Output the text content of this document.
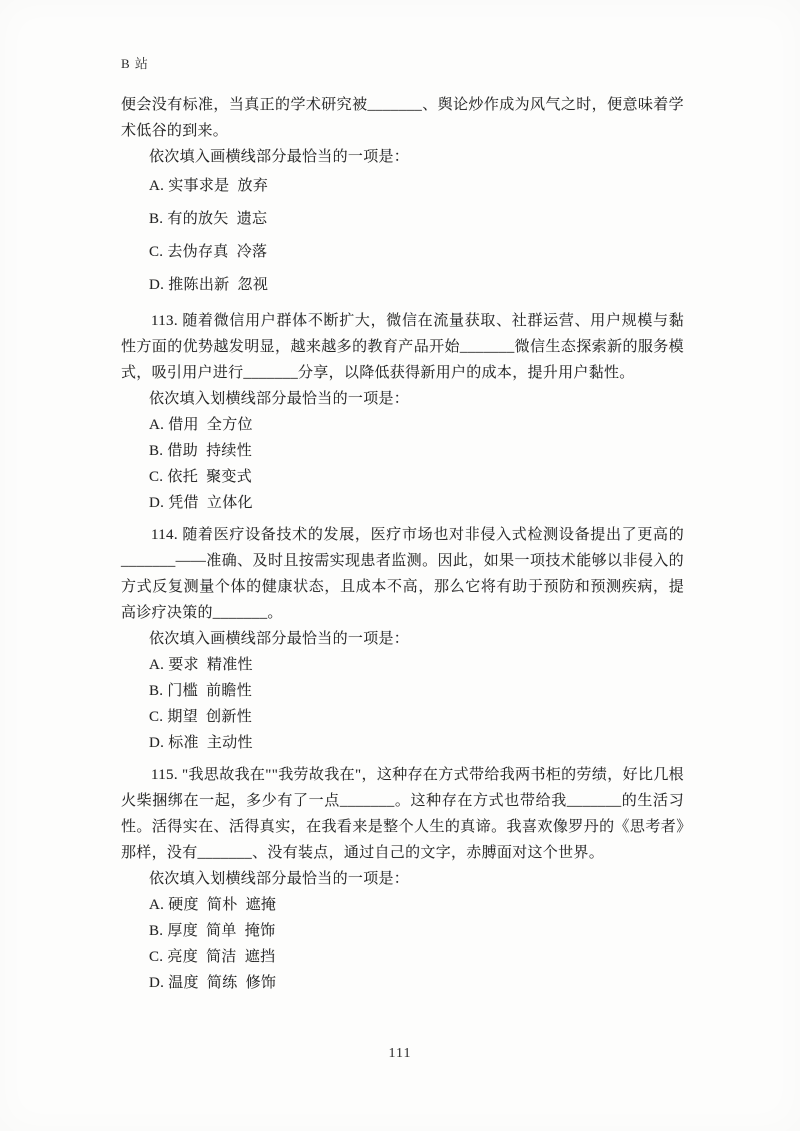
B 站

便会没有标准，当真正的学术研究被_______、舆论炒作成为风气之时，便意味着学术低谷的到来。

依次填入画横线部分最恰当的一项是：

A. 实事求是  放弃

B. 有的放矢  遗忘

C. 去伪存真  冷落

D. 推陈出新  忽视

113. 随着微信用户群体不断扩大，微信在流量获取、社群运营、用户规模与黏性方面的优势越发明显，越来越多的教育产品开始_______微信生态探索新的服务模式，吸引用户进行_______分享，以降低获得新用户的成本，提升用户黏性。

依次填入划横线部分最恰当的一项是：

A. 借用  全方位

B. 借助  持续性

C. 依托  聚变式

D. 凭借  立体化

114. 随着医疗设备技术的发展，医疗市场也对非侵入式检测设备提出了更高的_______——准确、及时且按需实现患者监测。因此，如果一项技术能够以非侵入的方式反复测量个体的健康状态，且成本不高，那么它将有助于预防和预测疾病，提高诊疗决策的_______。

依次填入画横线部分最恰当的一项是：

A. 要求  精准性

B. 门槛  前瞻性

C. 期望  创新性

D. 标准  主动性

115. "我思故我在""我劳故我在"，这种存在方式带给我两书柜的劳绩，好比几根火柴捆绑在一起，多少有了一点_______。这种存在方式也带给我_______的生活习性。活得实在、活得真实，在我看来是整个人生的真谛。我喜欢像罗丹的《思考者》那样，没有_______、没有装点，通过自己的文字，赤膊面对这个世界。

依次填入划横线部分最恰当的一项是：

A. 硬度  简朴  遮掩

B. 厚度  简单  掩饰

C. 亮度  简洁  遮挡

D. 温度  简练  修饰

111
